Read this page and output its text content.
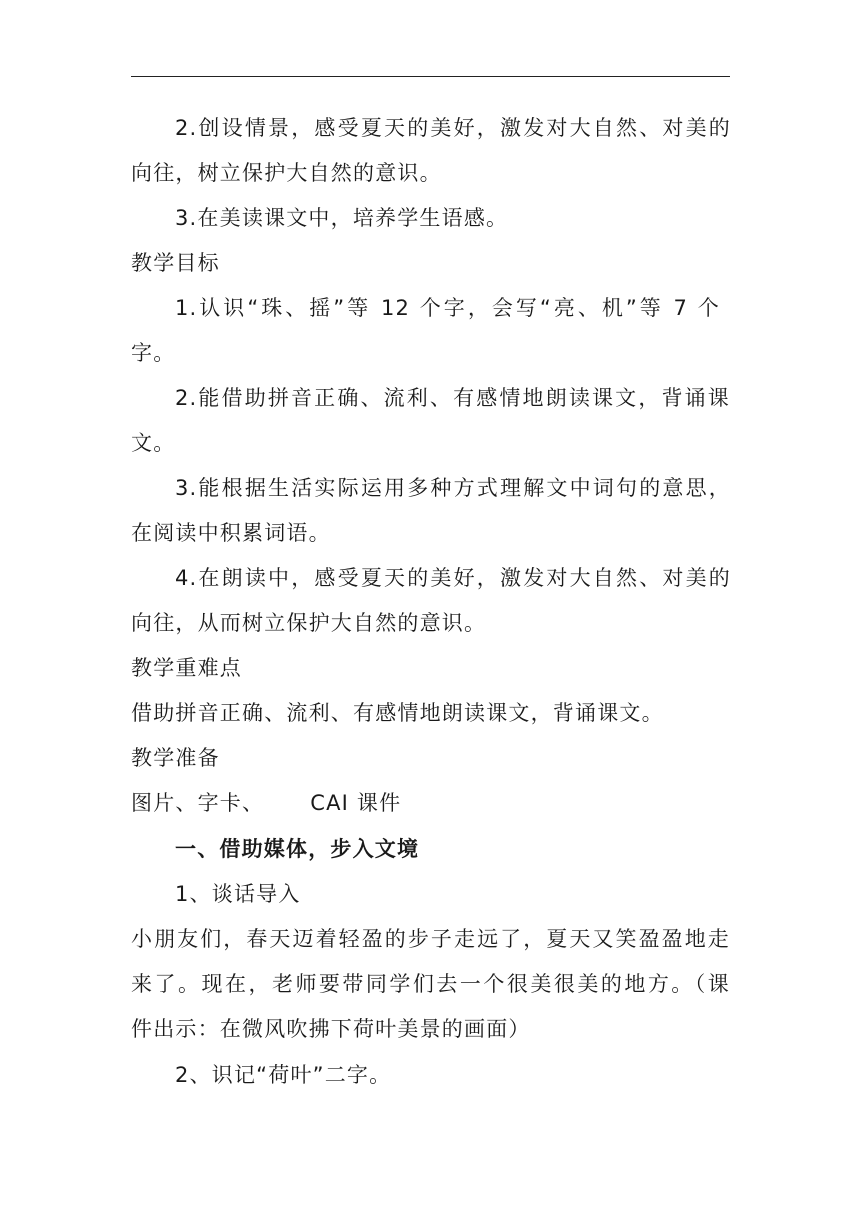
2.创设情景，感受夏天的美好，激发对大自然、对美的
向往，树立保护大自然的意识。
3.在美读课文中，培养学生语感。
教学目标
1.认识“珠、摇”等 12 个字，会写“亮、机”等 7 个
字。
2.能借助拼音正确、流利、有感情地朗读课文，背诵课
文。
3.能根据生活实际运用多种方式理解文中词句的意思，
在阅读中积累词语。
4.在朗读中，感受夏天的美好，激发对大自然、对美的
向往，从而树立保护大自然的意识。
教学重难点
借助拼音正确、流利、有感情地朗读课文，背诵课文。
教学准备
图片、字卡、 CAI 课件
一、借助媒体，步入文境
1、谈话导入
小朋友们，春天迈着轻盈的步子走远了，夏天又笑盈盈地走
来了。现在，老师要带同学们去一个很美很美的地方。（课
件出示：在微风吹拂下荷叶美景的画面）
2、识记“荷叶”二字。
